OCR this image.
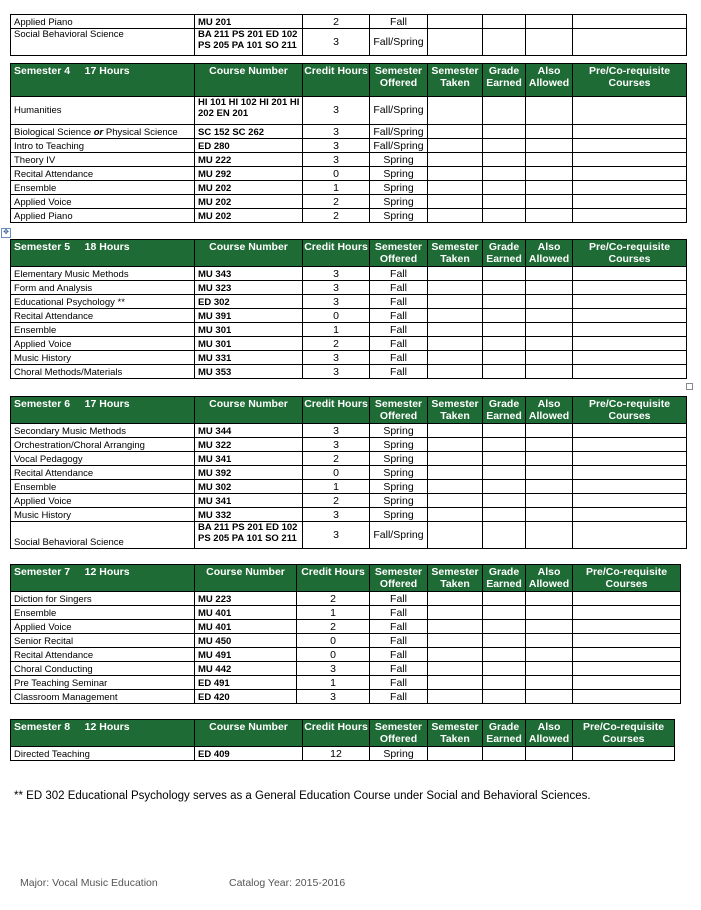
Applied Piano	MU 201	2	Fall				
Social Behavioral Science	BA 211 PS 201 ED 102 PS 205 PA 101 SO 211	3	Fall/Spring				
Semester 4 17 Hours	Course Number	Credit Hours	Semester Offered	Semester Taken	Grade Earned	Also Allowed	Pre/Co-requisite Courses
Humanities	HI 101 HI 102 HI 201 HI 202 EN 201	3	Fall/Spring				
Biological Science or Physical Science	SC 152 SC 262	3	Fall/Spring				
Intro to Teaching	ED 280	3	Fall/Spring				
Theory IV	MU 222	3	Spring				
Recital Attendance	MU 292	0	Spring				
Ensemble	MU 202	1	Spring				
Applied Voice	MU 202	2	Spring				
Applied Piano	MU 202	2	Spring				
✥
Semester 5 18 Hours	Course Number	Credit Hours	Semester Offered	Semester Taken	Grade Earned	Also Allowed	Pre/Co-requisite Courses
Elementary Music Methods	MU 343	3	Fall				
Form and Analysis	MU 323	3	Fall				
Educational Psychology **	ED 302	3	Fall				
Recital Attendance	MU 391	0	Fall				
Ensemble	MU 301	1	Fall				
Applied Voice	MU 301	2	Fall				
Music History	MU 331	3	Fall				
Choral Methods/Materials	MU 353	3	Fall				
Semester 6 17 Hours	Course Number	Credit Hours	Semester Offered	Semester Taken	Grade Earned	Also Allowed	Pre/Co-requisite Courses
Secondary Music Methods	MU 344	3	Spring				
Orchestration/Choral Arranging	MU 322	3	Spring				
Vocal Pedagogy	MU 341	2	Spring				
Recital Attendance	MU 392	0	Spring				
Ensemble	MU 302	1	Spring				
Applied Voice	MU 341	2	Spring				
Music History	MU 332	3	Spring				
Social Behavioral Science	BA 211 PS 201 ED 102 PS 205 PA 101 SO 211	3	Fall/Spring				
Semester 7 12 Hours	Course Number	Credit Hours	Semester Offered	Semester Taken	Grade Earned	Also Allowed	Pre/Co-requisite Courses
Diction for Singers	MU 223	2	Fall				
Ensemble	MU 401	1	Fall				
Applied Voice	MU 401	2	Fall				
Senior Recital	MU 450	0	Fall				
Recital Attendance	MU 491	0	Fall				
Choral Conducting	MU 442	3	Fall				
Pre Teaching Seminar	ED 491	1	Fall				
Classroom Management	ED 420	3	Fall				
Semester 8 12 Hours	Course Number	Credit Hours	Semester Offered	Semester Taken	Grade Earned	Also Allowed	Pre/Co-requisite Courses
Directed Teaching	ED 409	12	Spring				
** ED 302 Educational Psychology serves as a General Education Course under Social and Behavioral Sciences.
Major: Vocal Music Education	Catalog Year: 2015-2016
